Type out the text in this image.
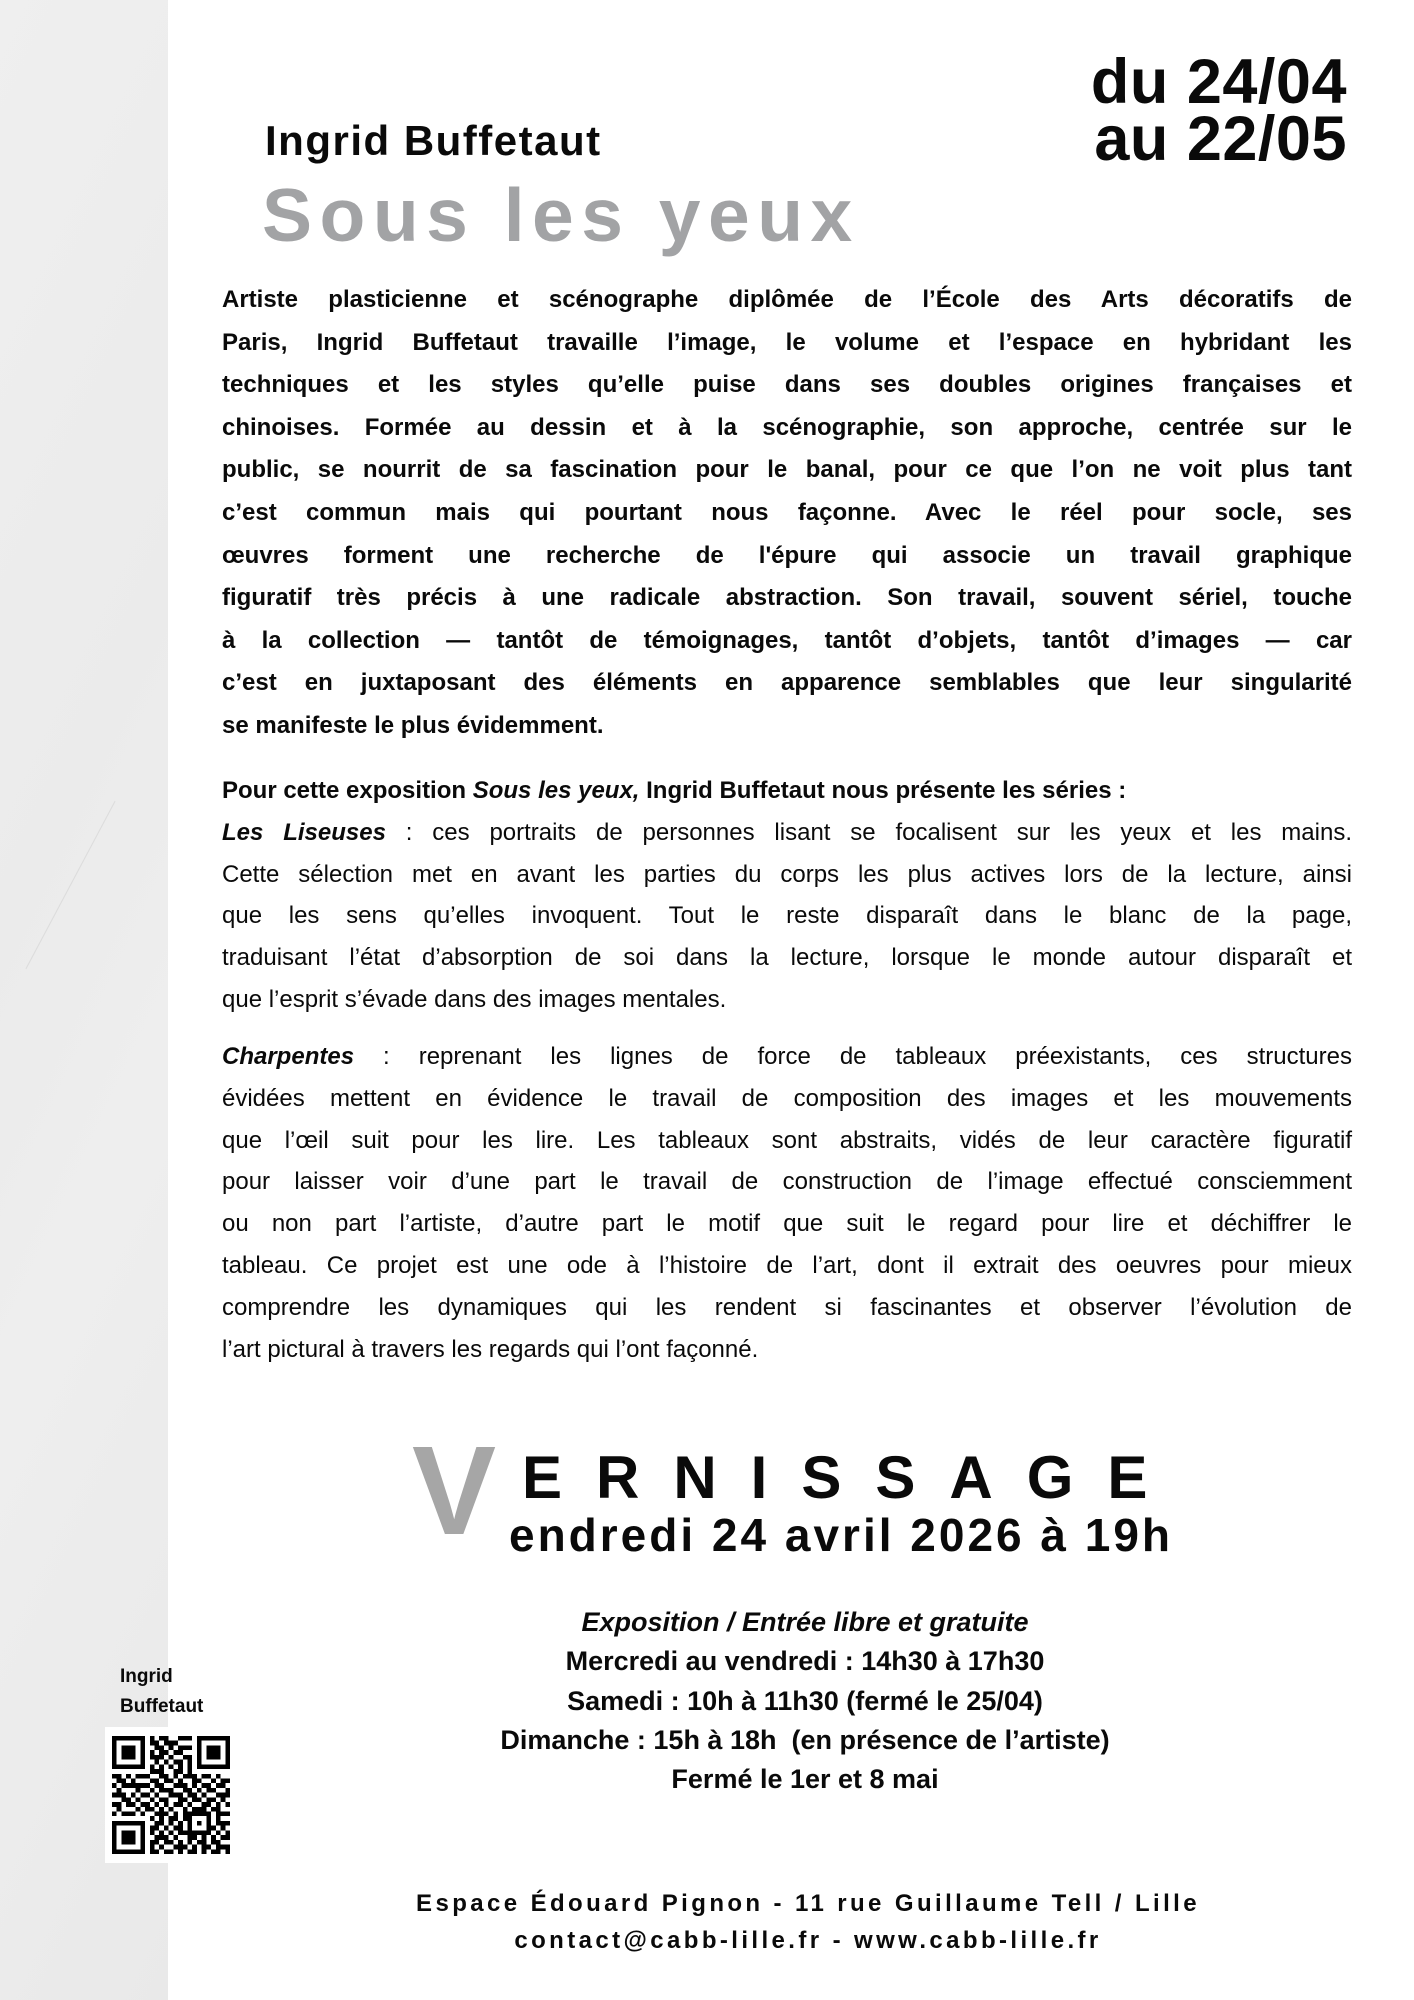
du 24/04
au 22/05
Ingrid Buffetaut
Sous les yeux
Artiste plasticienne et scénographe diplômée de l’École des Arts décoratifs de
Paris, Ingrid Buffetaut travaille l’image, le volume et l’espace en hybridant les
techniques et les styles qu’elle puise dans ses doubles origines françaises et
chinoises. Formée au dessin et à la scénographie, son approche, centrée sur le
public, se nourrit de sa fascination pour le banal, pour ce que l’on ne voit plus tant
c’est commun mais qui pourtant nous façonne. Avec le réel pour socle, ses
œuvres forment une recherche de l'épure qui associe un travail graphique
figuratif très précis à une radicale abstraction. Son travail, souvent sériel, touche
à la collection — tantôt de témoignages, tantôt d’objets, tantôt d’images — car
c’est en juxtaposant des éléments en apparence semblables que leur singularité
se manifeste le plus évidemment.
Pour cette exposition Sous les yeux, Ingrid Buffetaut nous présente les séries :
Les Liseuses : ces portraits de personnes lisant se focalisent sur les yeux et les mains.
Cette sélection met en avant les parties du corps les plus actives lors de la lecture, ainsi
que les sens qu’elles invoquent. Tout le reste disparaît dans le blanc de la page,
traduisant l’état d’absorption de soi dans la lecture, lorsque le monde autour disparaît et
que l’esprit s’évade dans des images mentales.
Charpentes : reprenant les lignes de force de tableaux préexistants, ces structures
évidées mettent en évidence le travail de composition des images et les mouvements
que l’œil suit pour les lire. Les tableaux sont abstraits, vidés de leur caractère figuratif
pour laisser voir d’une part le travail de construction de l’image effectué consciemment
ou non part l’artiste, d’autre part le motif que suit le regard pour lire et déchiffrer le
tableau. Ce projet est une ode à l’histoire de l’art, dont il extrait des oeuvres pour mieux
comprendre les dynamiques qui les rendent si fascinantes et observer l’évolution de
l’art pictural à travers les regards qui l’ont façonné.
V ERNISSAGE
endredi 24 avril 2026 à 19h
Exposition / Entrée libre et gratuite
Mercredi au vendredi : 14h30 à 17h30
Samedi : 10h à 11h30 (fermé le 25/04)
Dimanche : 15h à 18h  (en présence de l’artiste)
Fermé le 1er et 8 mai
Ingrid
Buffetaut
Espace Édouard Pignon - 11 rue Guillaume Tell / Lille
contact@cabb-lille.fr - www.cabb-lille.fr
